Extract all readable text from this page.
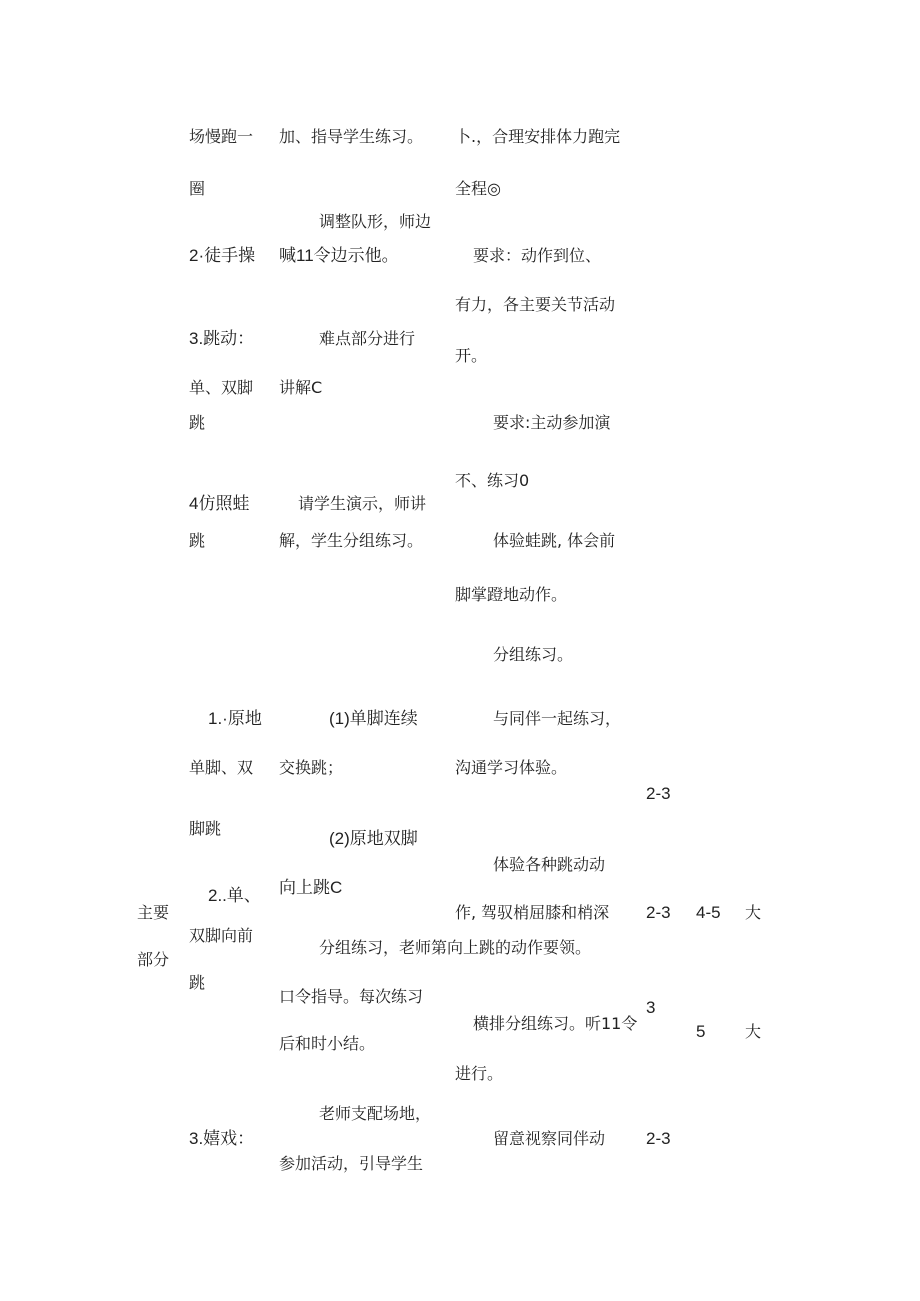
主要
部分
场慢跑一
圈
2·徒手操
3.跳动：
单、双脚
跳
4仿照蛙
跳
1.·原地
单脚、双
脚跳
2..单、
双脚向前
跳
3.嬉戏：
加、指导学生练习。
调整队形，师边
喊11令边示他。
难点部分进行
讲解C
请学生演示，师讲
解，学生分组练习。
(1)单脚连续
交换跳；
(2)原地双脚
向上跳C
分组练习，老师第向上跳的动作要领。
口令指导。每次练习
后和时小结。
老师支配场地，
参加活动，引导学生
卜.，合理安排体力跑完
全程◎
要求：动作到位、
有力，各主要关节活动
开。
要求:主动参加演
不、练习0
体验蛙跳, 体会前
脚掌蹬地动作。
分组练习。
与同伴一起练习，
沟通学习体验。
体验各种跳动动
作, 驾驭梢屈膝和梢深
横排分组练习。听11令
进行。
留意视察同伴动
2-3
2-3
3
2-3
4-5
5
大
大
